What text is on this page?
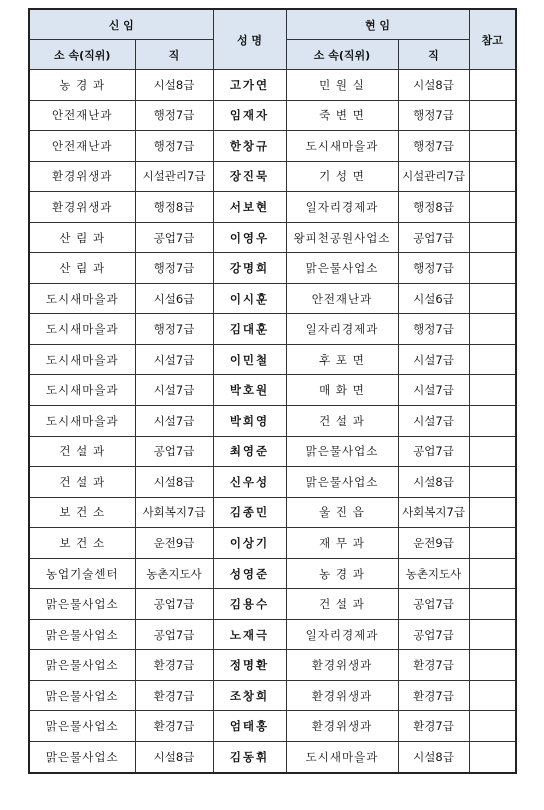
신 임		성 명	현 임		참고
소 속(직위)	직		소 속(직위)	직	
농 경 과	시설8급	고가연	민 원 실	시설8급	
안전재난과	행정7급	임재자	죽 변 면	행정7급	
안전재난과	행정7급	한창규	도시새마을과	행정7급	
환경위생과	시설관리7급	장진묵	기 성 면	시설관리7급	
환경위생과	행정8급	서보현	일자리경제과	행정8급	
산 림 과	공업7급	이영우	왕피천공원사업소	공업7급	
산 림 과	행정7급	강명희	맑은물사업소	행정7급	
도시새마을과	시설6급	이시훈	안전재난과	시설6급	
도시새마을과	행정7급	김대훈	일자리경제과	행정7급	
도시새마을과	시설7급	이민철	후 포 면	시설7급	
도시새마을과	시설7급	박호원	매 화 면	시설7급	
도시새마을과	시설7급	박희영	건 설 과	시설7급	
건 설 과	공업7급	최영준	맑은물사업소	공업7급	
건 설 과	시설8급	신우성	맑은물사업소	시설8급	
보 건 소	사회복지7급	김종민	울 진 읍	사회복지7급	
보 건 소	운전9급	이상기	재 무 과	운전9급	
농업기술센터	농촌지도사	성영준	농 경 과	농촌지도사	
맑은물사업소	공업7급	김용수	건 설 과	공업7급	
맑은물사업소	공업7급	노재극	일자리경제과	공업7급	
맑은물사업소	환경7급	정명환	환경위생과	환경7급	
맑은물사업소	환경7급	조창희	환경위생과	환경7급	
맑은물사업소	환경7급	엄태홍	환경위생과	환경7급	
맑은물사업소	시설8급	김동휘	도시새마을과	시설8급	
